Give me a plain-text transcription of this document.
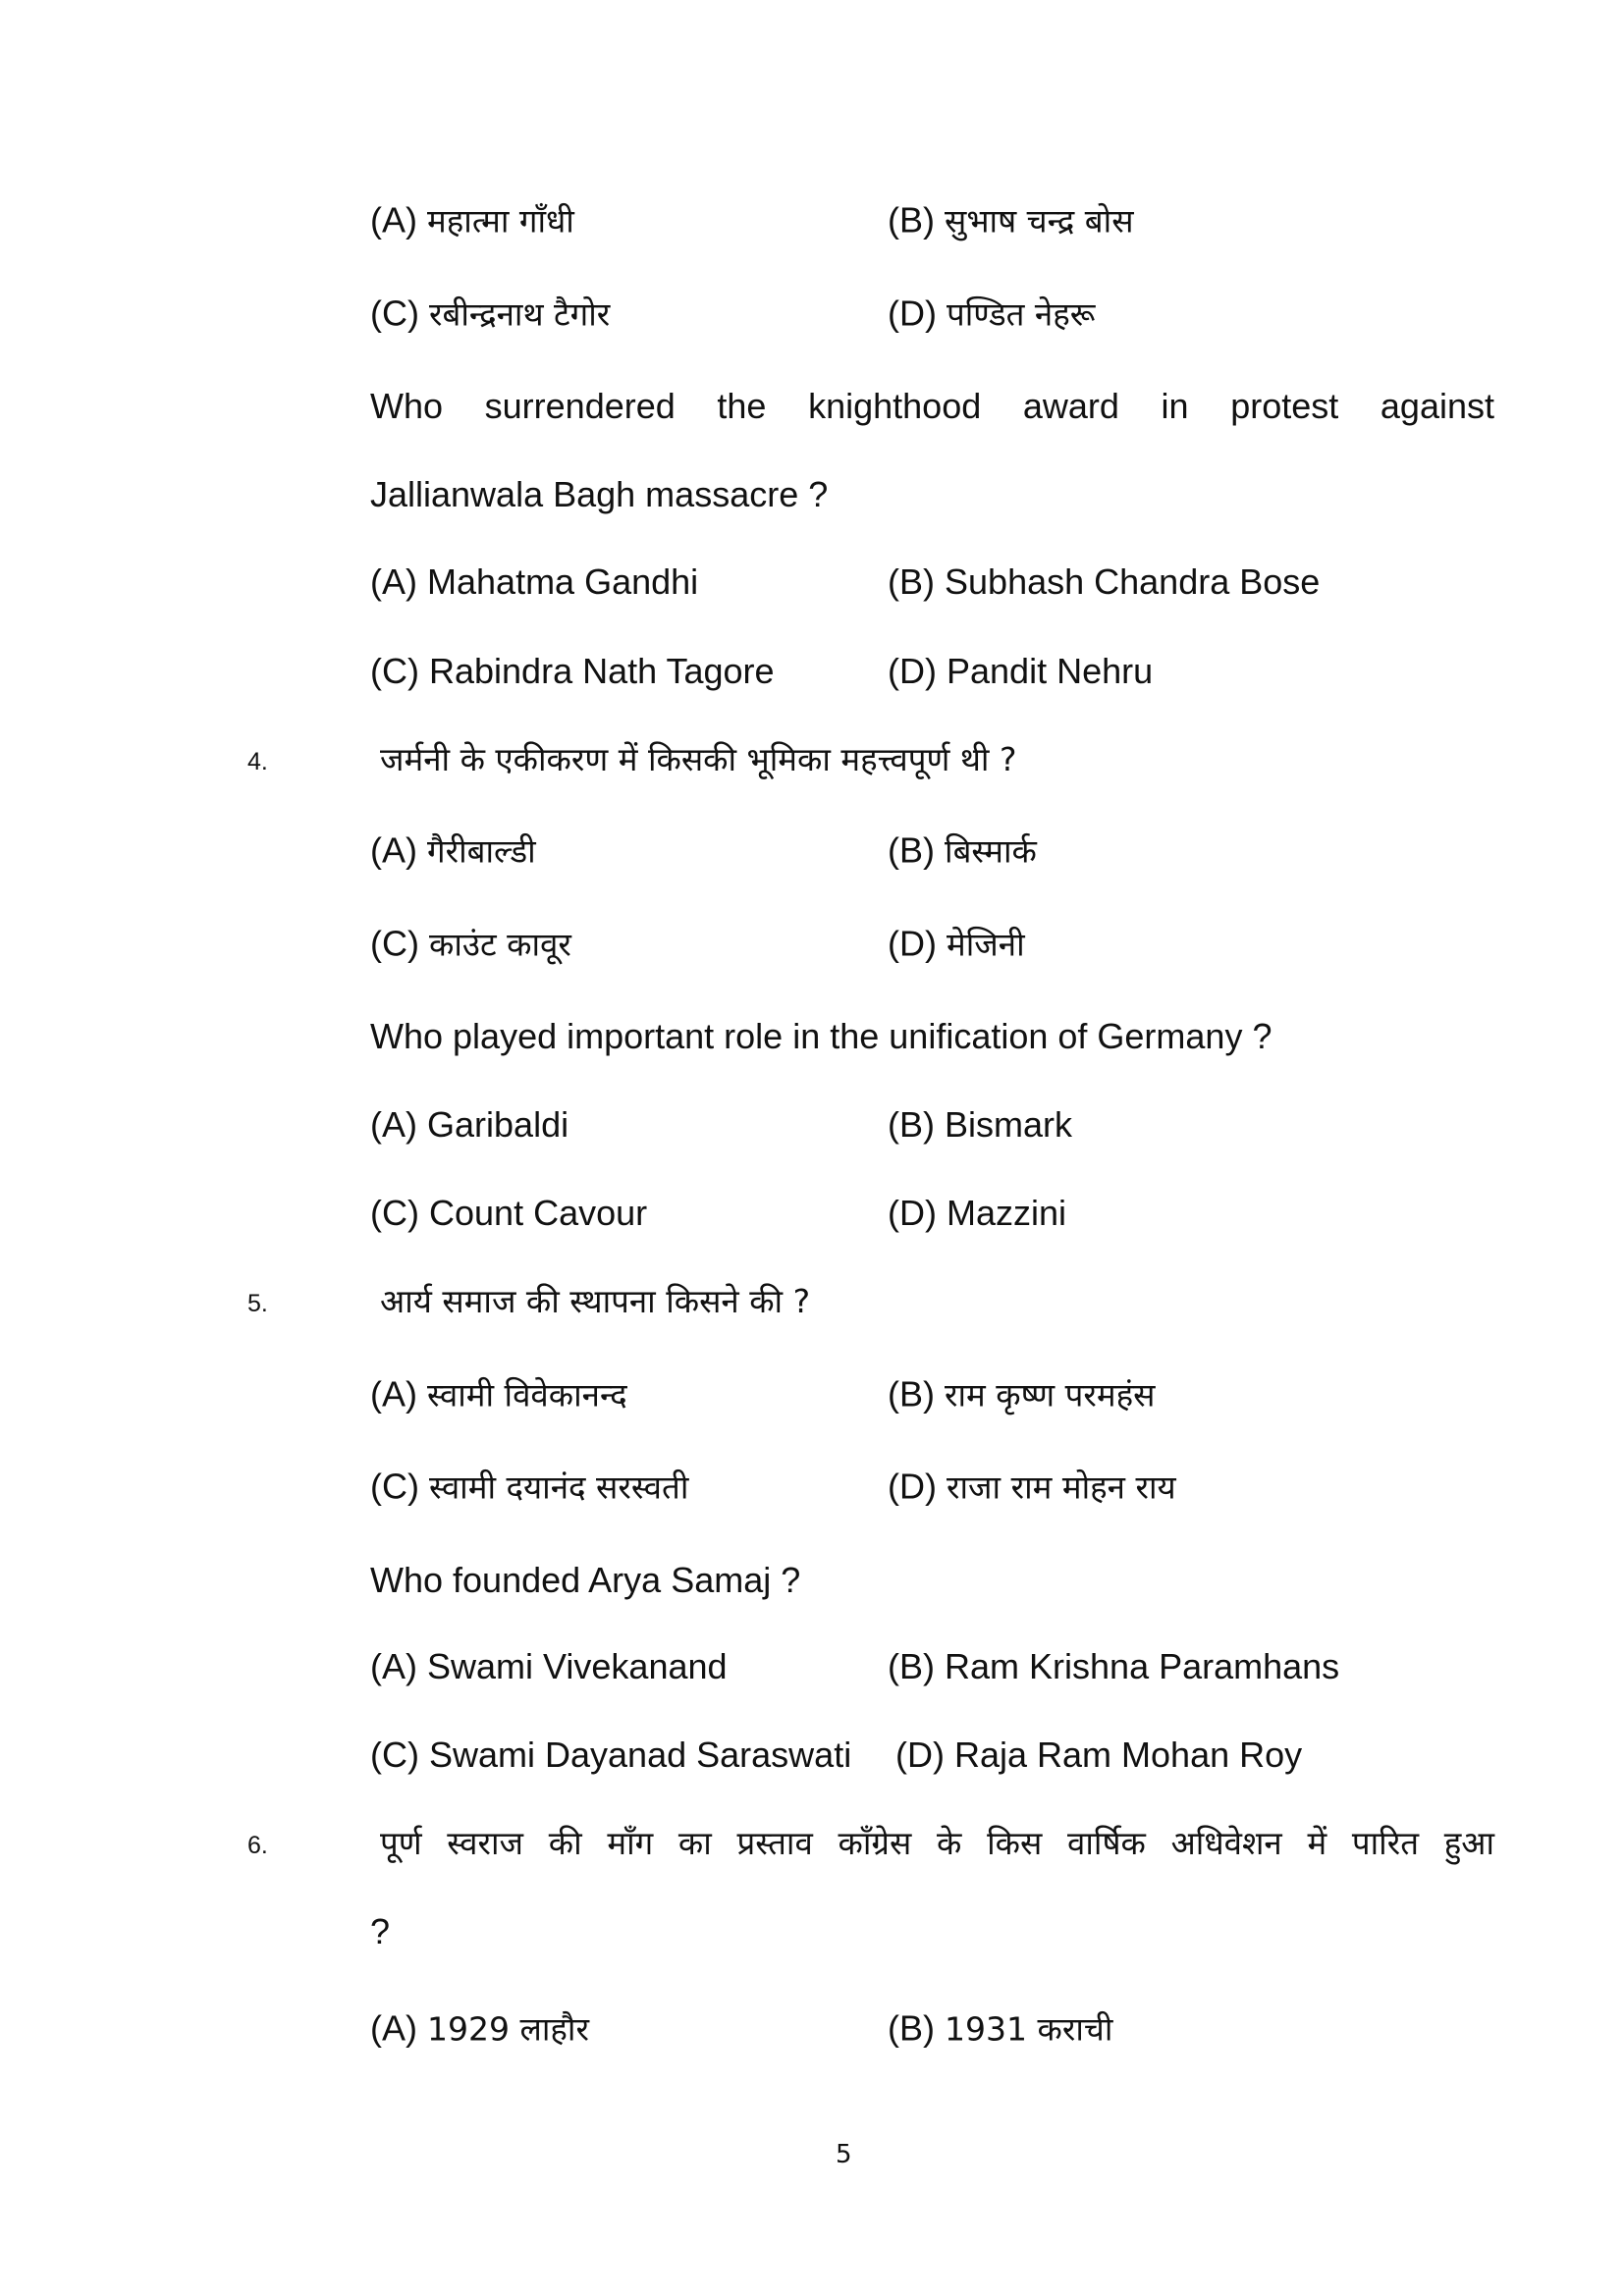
(A) महात्मा गाँधी	(B) सुभाष चन्द्र बोस
(C) रबीन्द्रनाथ टैगोर	(D) पण्डित नेहरू
Who surrendered the knighthood award in protest against
Jallianwala Bagh massacre ?
(A) Mahatma Gandhi	(B) Subhash Chandra Bose
(C) Rabindra Nath Tagore	(D) Pandit Nehru
4.	जर्मनी के एकीकरण में किसकी भूमिका महत्त्वपूर्ण थी ?
(A) गैरीबाल्डी	(B) बिस्मार्क
(C) काउंट कावूर	(D) मेजिनी
Who played important role in the unification of Germany ?
(A) Garibaldi	(B) Bismark
(C) Count Cavour	(D) Mazzini
5.	आर्य समाज की स्थापना किसने की ?
(A) स्वामी विवेकानन्द	(B) राम कृष्ण परमहंस
(C) स्वामी दयानंद सरस्वती	(D) राजा राम मोहन राय
Who founded Arya Samaj ?
(A) Swami Vivekanand	(B) Ram Krishna Paramhans
(C) Swami Dayanad Saraswati (D) Raja Ram Mohan Roy
6.	पूर्ण स्वराज की माँग का प्रस्ताव काँग्रेस के किस वार्षिक अधिवेशन में पारित हुआ
?
(A) 1929 लाहौर	(B) 1931 कराची
5
